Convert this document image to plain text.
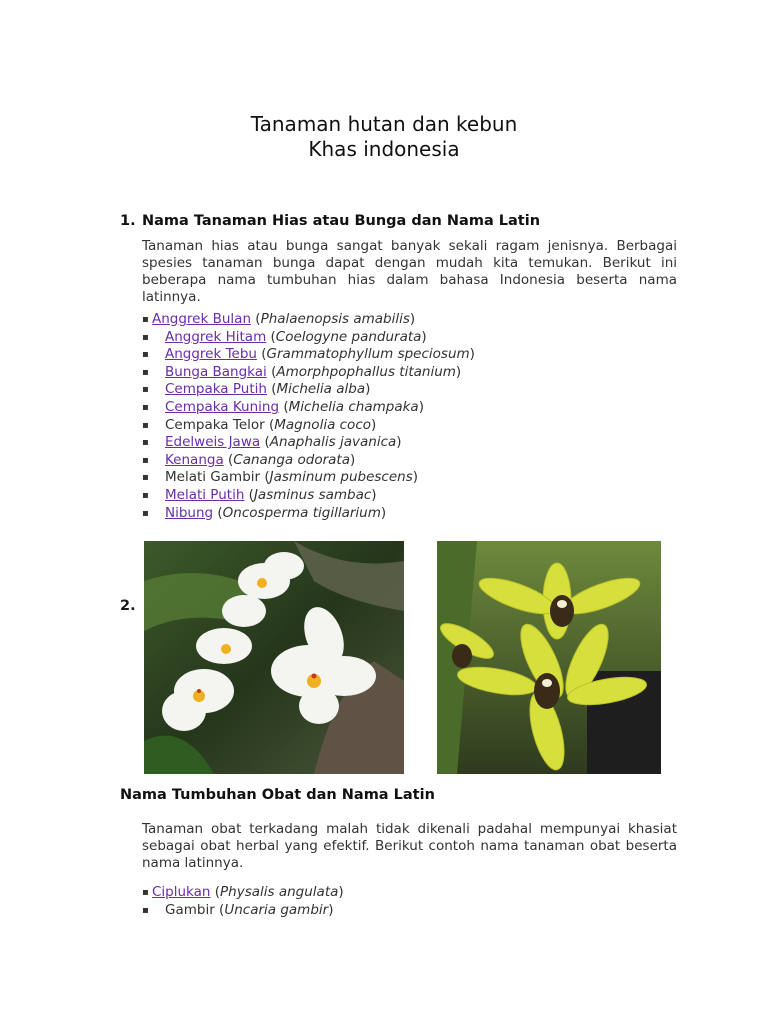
Tanaman hutan dan kebun
Khas indonesia
1. Nama Tanaman Hias atau Bunga dan Nama Latin
Tanaman hias atau bunga sangat banyak sekali ragam jenisnya. Berbagai spesies tanaman bunga dapat dengan mudah kita temukan. Berikut ini beberapa nama tumbuhan hias dalam bahasa Indonesia beserta nama latinnya.
▪ Anggrek Bulan (Phalaenopsis amabilis)
▪ Anggrek Hitam (Coelogyne pandurata)
▪ Anggrek Tebu (Grammatophyllum speciosum)
▪ Bunga Bangkai (Amorphpophallus titanium)
▪ Cempaka Putih (Michelia alba)
▪ Cempaka Kuning (Michelia champaka)
▪ Cempaka Telor (Magnolia coco)
▪ Edelweis Jawa (Anaphalis javanica)
▪ Kenanga (Cananga odorata)
▪ Melati Gambir (Jasminum pubescens)
▪ Melati Putih (Jasminus sambac)
▪ Nibung (Oncosperma tigillarium)
2.
Nama Tumbuhan Obat dan Nama Latin
Tanaman obat terkadang malah tidak dikenali padahal mempunyai khasiat sebagai obat herbal yang efektif. Berikut contoh nama tanaman obat beserta nama latinnya.
▪ Ciplukan (Physalis angulata)
▪ Gambir (Uncaria gambir)
